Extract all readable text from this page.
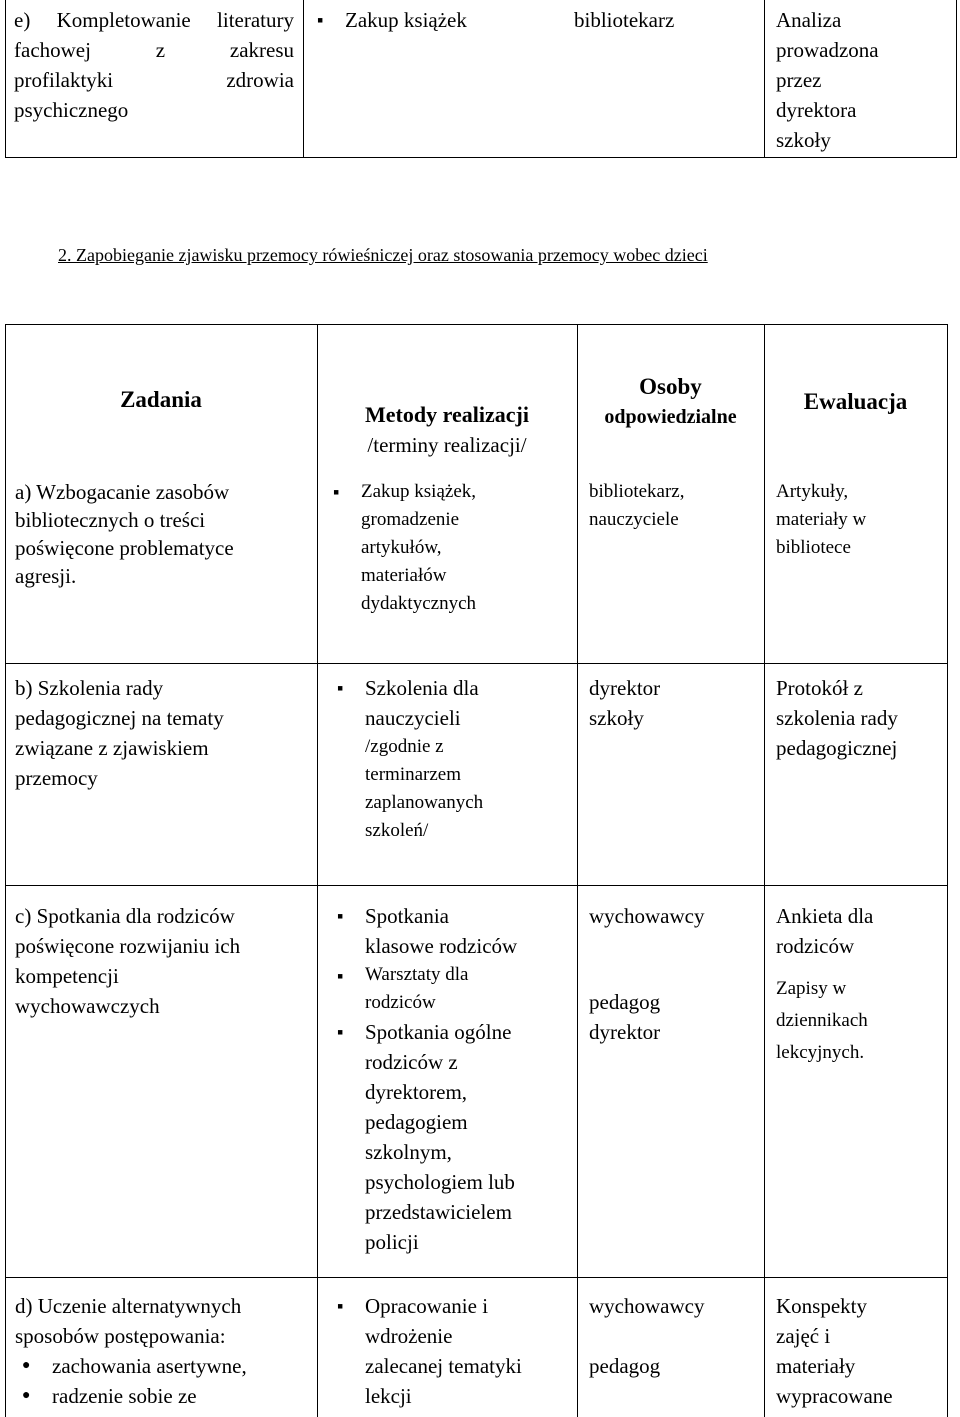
e) Kompletowanie literatury
fachowej z zakresu
profilaktyki zdrowia
psychicznego
▪ Zakup książek	bibliotekarz	Analiza
prowadzona
przez
dyrektora
szkoły
2. Zapobieganie zjawisku przemocy rówieśniczej oraz stosowania przemocy wobec dzieci
Zadania
Metody realizacji
/terminy realizacji/
Osoby
odpowiedzialne
Ewaluacja
a) Wzbogacanie zasobów
bibliotecznych o treści
poświęcone problematyce
agresji.
▪ Zakup książek,
gromadzenie
artykułów,
materiałów
dydaktycznych
bibliotekarz,
nauczyciele
Artykuły,
materiały w
bibliotece
b) Szkolenia rady
pedagogicznej na tematy
związane z zjawiskiem
przemocy
▪ Szkolenia dla
nauczycieli
/zgodnie z
terminarzem
zaplanowanych
szkoleń/
dyrektor
szkoły
Protokół z
szkolenia rady
pedagogicznej
c) Spotkania dla rodziców
poświęcone rozwijaniu ich
kompetencji
wychowawczych
▪ Spotkania
klasowe rodziców
▪ Warsztaty dla
rodziców
▪ Spotkania ogólne
rodziców z
dyrektorem,
pedagogiem
szkolnym,
psychologiem lub
przedstawicielem
policji
wychowawcy
pedagog
dyrektor
Ankieta dla
rodziców
Zapisy w
dziennikach
lekcyjnych.
d) Uczenie alternatywnych
sposobów postępowania:
● zachowania asertywne,
● radzenie sobie ze
▪ Opracowanie i
wdrożenie
zalecanej tematyki
lekcji
wychowawcy
pedagog
Konspekty
zajęć i
materiały
wypracowane
